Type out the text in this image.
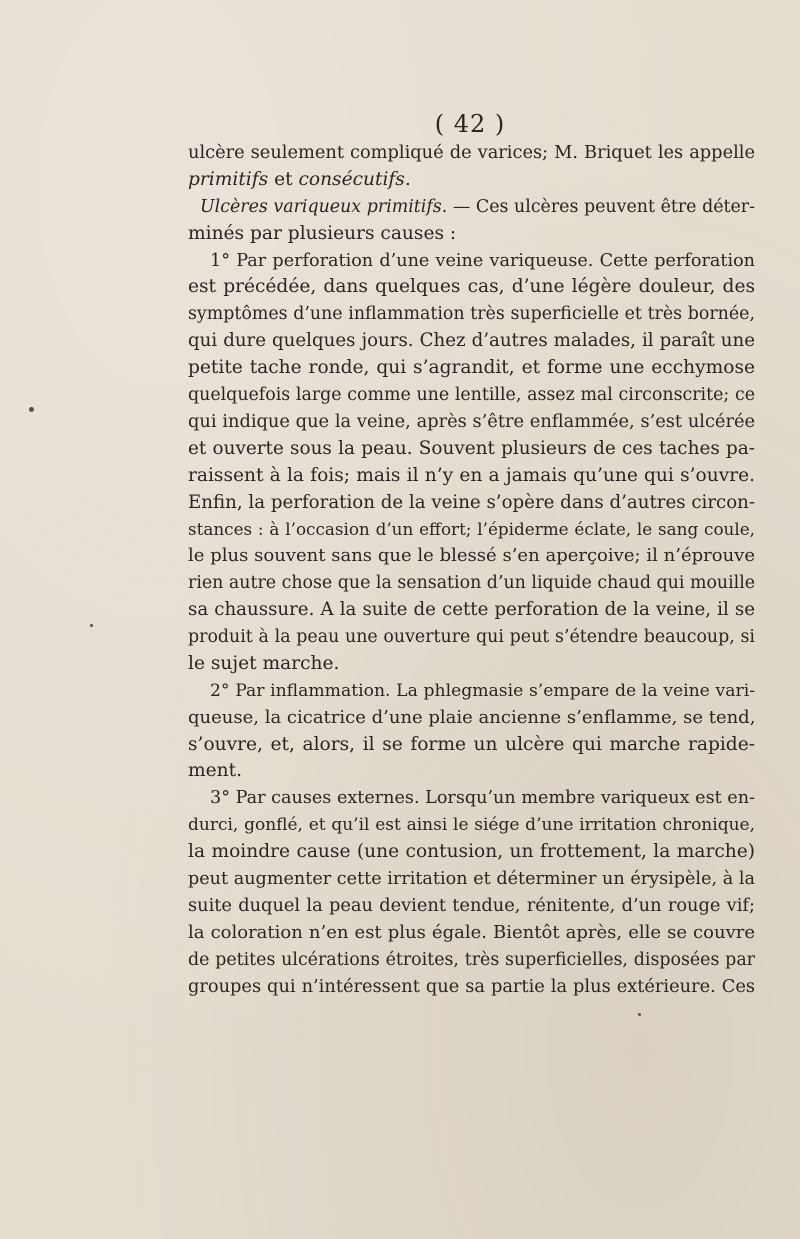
( 42 )
ulcère seulement compliqué de varices; M. Briquet les appelle
primitifs et consécutifs.
Ulcères variqueux primitifs. — Ces ulcères peuvent être déter-
minés par plusieurs causes :
1° Par perforation d’une veine variqueuse. Cette perforation
est précédée, dans quelques cas, d’une légère douleur, des
symptômes d’une inflammation très superficielle et très bornée,
qui dure quelques jours. Chez d’autres malades, il paraît une
petite tache ronde, qui s’agrandit, et forme une ecchymose
quelquefois large comme une lentille, assez mal circonscrite; ce
qui indique que la veine, après s’être enflammée, s’est ulcérée
et ouverte sous la peau. Souvent plusieurs de ces taches pa-
raissent à la fois; mais il n’y en a jamais qu’une qui s’ouvre.
Enfin, la perforation de la veine s’opère dans d’autres circon-
stances : à l’occasion d’un effort; l’épiderme éclate, le sang coule,
le plus souvent sans que le blessé s’en aperçoive; il n’éprouve
rien autre chose que la sensation d’un liquide chaud qui mouille
sa chaussure. A la suite de cette perforation de la veine, il se
produit à la peau une ouverture qui peut s’étendre beaucoup, si
le sujet marche.
2° Par inflammation. La phlegmasie s’empare de la veine vari-
queuse, la cicatrice d’une plaie ancienne s’enflamme, se tend,
s’ouvre, et, alors, il se forme un ulcère qui marche rapide-
ment.
3° Par causes externes. Lorsqu’un membre variqueux est en-
durci, gonflé, et qu’il est ainsi le siége d’une irritation chronique,
la moindre cause (une contusion, un frottement, la marche)
peut augmenter cette irritation et déterminer un érysipèle, à la
suite duquel la peau devient tendue, rénitente, d’un rouge vif;
la coloration n’en est plus égale. Bientôt après, elle se couvre
de petites ulcérations étroites, très superficielles, disposées par
groupes qui n’intéressent que sa partie la plus extérieure. Ces
